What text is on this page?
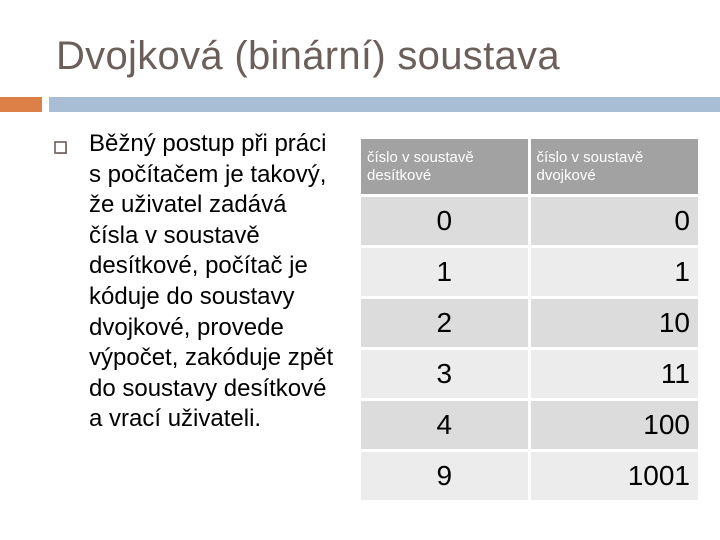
Dvojková (binární) soustava
Běžný postup při práci s počítačem je takový, že uživatel zadává čísla v soustavě desítkové, počítač je kóduje do soustavy dvojkové, provede výpočet, zakóduje zpět do soustavy desítkové a vrací uživateli.
číslo v soustavě desítkové	číslo v soustavě dvojkové
0	0
1	1
2	10
3	11
4	100
9	1001
